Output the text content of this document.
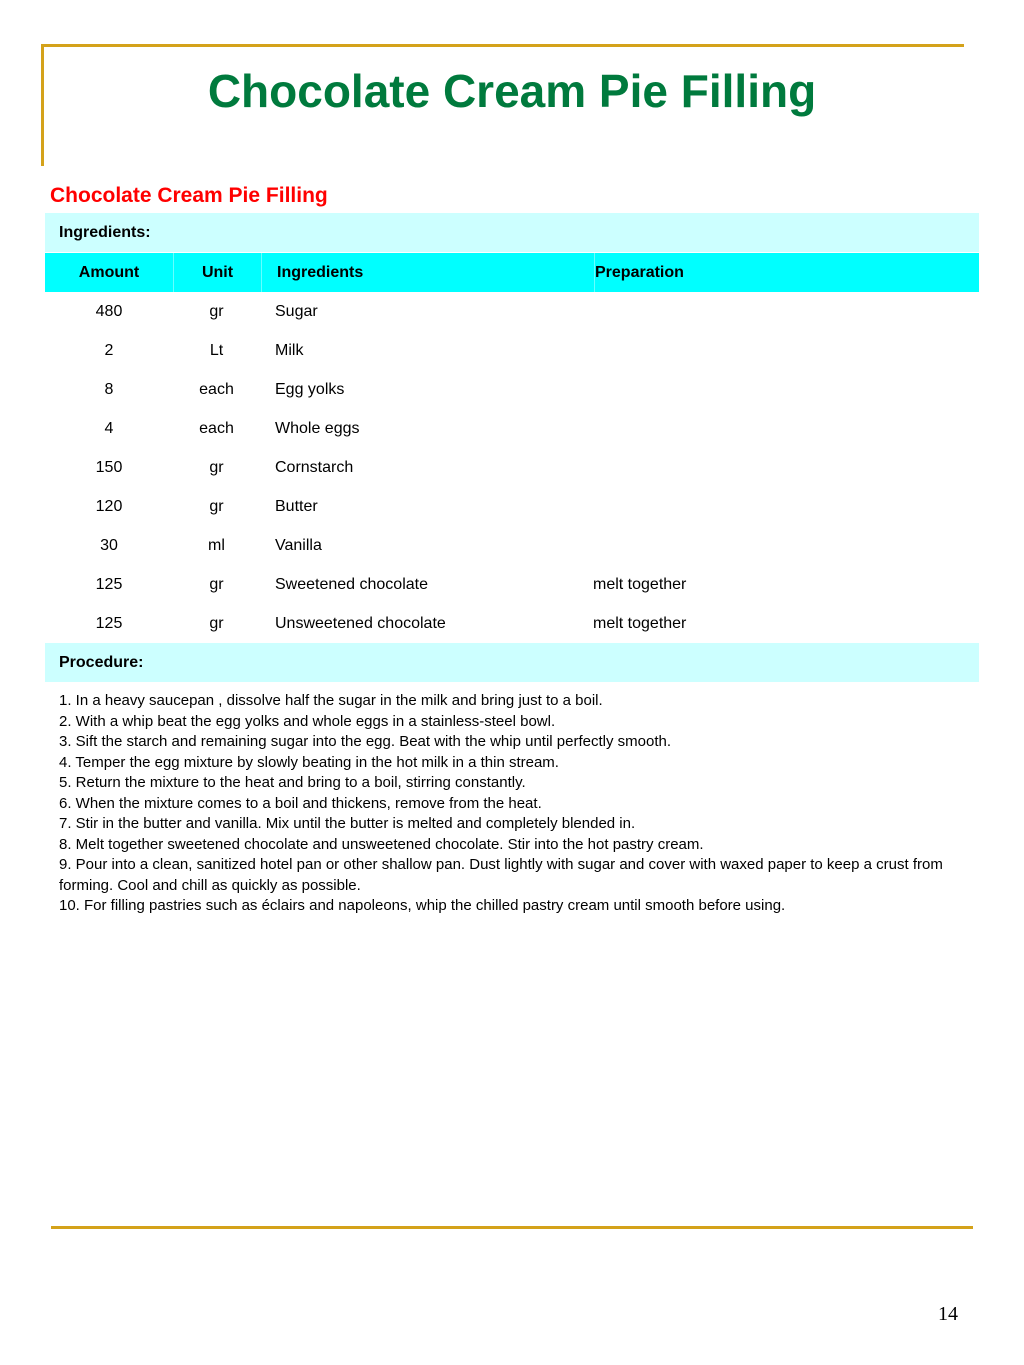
Chocolate Cream Pie Filling
Chocolate Cream Pie Filling
Ingredients:
Amount	Unit	Ingredients	Preparation
480	gr	Sugar
2	Lt	Milk
8	each	Egg yolks
4	each	Whole eggs
150	gr	Cornstarch
120	gr	Butter
30	ml	Vanilla
125	gr	Sweetened chocolate	melt together
125	gr	Unsweetened chocolate	melt together
Procedure:

1. In a heavy saucepan , dissolve half the sugar in the milk and bring just to a boil.

2. With a whip beat the egg yolks and whole eggs in a stainless-steel bowl.

3. Sift the starch and remaining sugar into the egg. Beat with the whip until perfectly smooth.

4. Temper the egg mixture by slowly beating in the hot milk in a thin stream.

5. Return the mixture to the heat and bring to a boil, stirring constantly.

6. When the mixture comes to a boil and thickens, remove from the heat.

7. Stir in the butter and vanilla. Mix until the butter is melted and completely blended in.

8. Melt together sweetened chocolate and unsweetened chocolate. Stir into the hot pastry cream.

9. Pour into a clean, sanitized hotel pan or other shallow pan. Dust lightly with sugar and cover with waxed paper to keep a crust from forming. Cool and chill as quickly as possible.

10. For filling pastries such as éclairs and napoleons, whip the chilled pastry cream until smooth before using.

14
